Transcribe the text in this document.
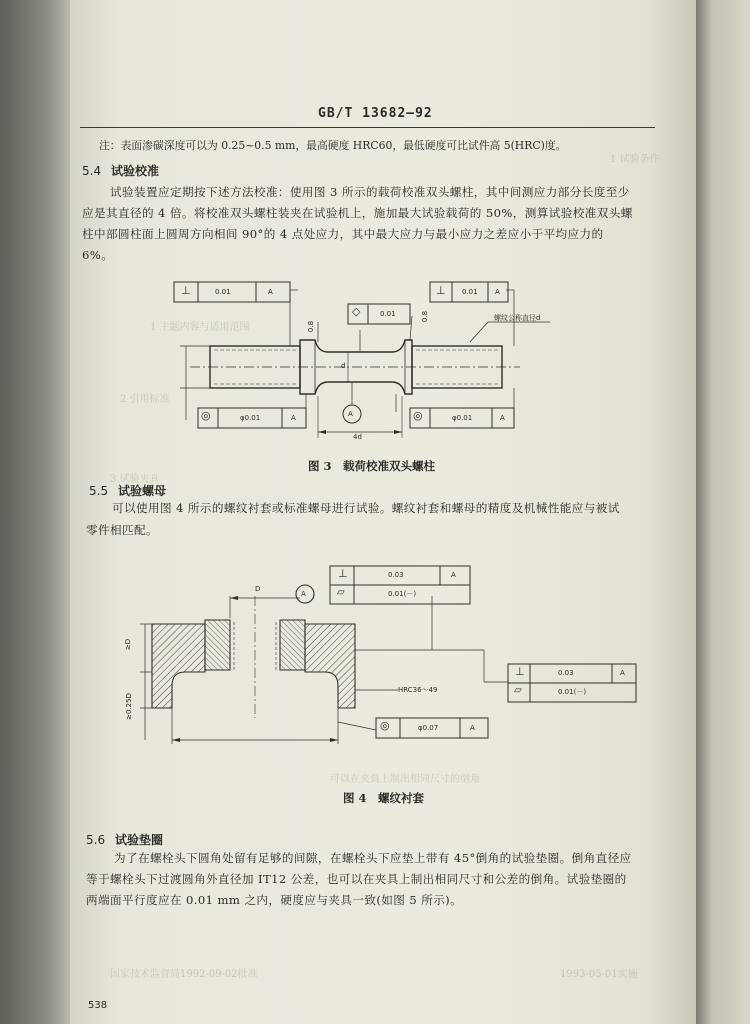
1 试验条件
1 主题内容与适用范围
2 引用标准
3 试验夹具
可以在夹具上制出相同尺寸的倒角
国家技术监督局1992-09-02批准	1993-05-01实施
GB/T 13682—92
注：表面渗碳深度可以为 0.25~0.5 mm，最高硬度 HRC60，最低硬度可比试件高 5(HRC)度。
5.4 试验校准
试验装置应定期按下述方法校准：使用图 3 所示的载荷校准双头螺柱，其中间测应力部分长度至少
应是其直径的 4 倍。将校准双头螺柱装夹在试验机上，施加最大试验载荷的 50%，测算试验校准双头螺
柱中部圆柱面上圆周方向相间 90°的 4 点处应力，其中最大应力与最小应力之差应小于平均应力的
6%。
⊥	0.01	A	⊥ 0.01 A
◇	0.01
◎	φ0.01	A	◎	φ0.01	A
A
螺纹公称直径d
0.8
0.8
d
4d
图 3　载荷校准双头螺柱
5.5 试验螺母
可以使用图 4 所示的螺纹衬套或标准螺母进行试验。螺纹衬套和螺母的精度及机械性能应与被试
零件相匹配。
⊥	0.03	A
▱	0.01(－)
⊥	0.03	A
▱	0.01(－)
◎	φ0.07	A
A
D
≥D
≥0.25D
HRC36～49
图 4　螺纹衬套
5.6 试验垫圈
为了在螺栓头下圆角处留有足够的间隙，在螺栓头下应垫上带有 45°倒角的试验垫圈。倒角直径应
等于螺栓头下过渡圆角外直径加 IT12 公差，也可以在夹具上制出相同尺寸和公差的倒角。试验垫圈的
两端面平行度应在 0.01 mm 之内，硬度应与夹具一致(如图 5 所示)。
538
